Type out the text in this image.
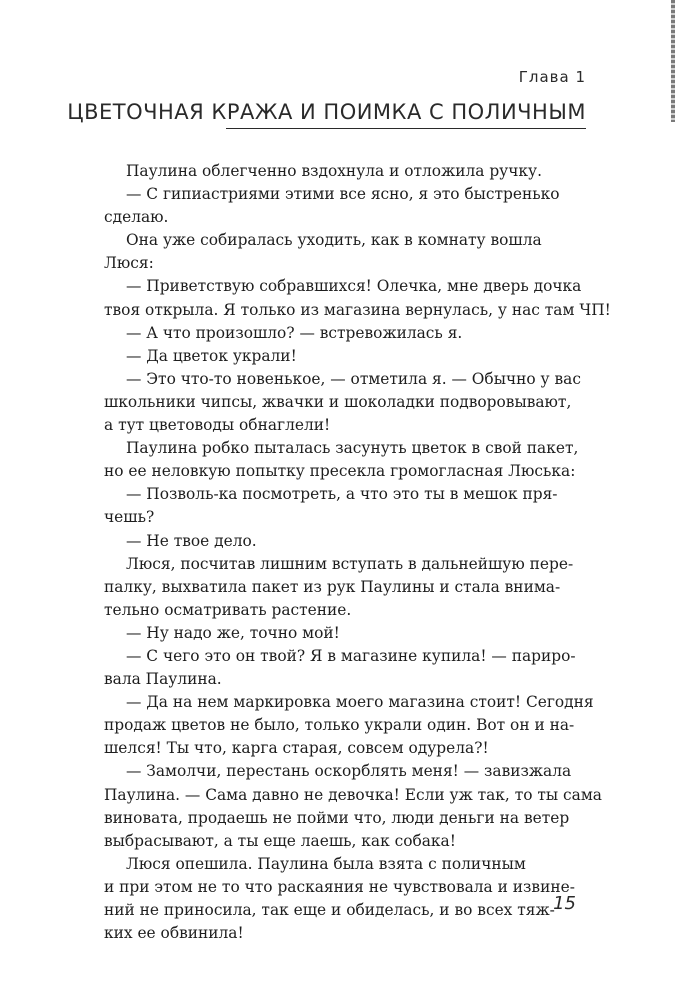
Глава 1
ЦВЕТОЧНАЯ КРАЖА И ПОИМКА С ПОЛИЧНЫМ
Паулина облегченно вздохнула и отложила ручку.
— С гипиастриями этими все ясно, я это быстренько
сделаю.
Она уже собиралась уходить, как в комнату вошла
Люся:
— Приветствую собравшихся! Олечка, мне дверь дочка
твоя открыла. Я только из магазина вернулась, у нас там ЧП!
— А что произошло? — встревожилась я.
— Да цветок украли!
— Это что-то новенькое, — отметила я. — Обычно у вас
школьники чипсы, жвачки и шоколадки подворовывают,
а тут цветоводы обнаглели!
Паулина робко пыталась засунуть цветок в свой пакет,
но ее неловкую попытку пресекла громогласная Люська:
— Позволь-ка посмотреть, а что это ты в мешок пря-
чешь?
— Не твое дело.
Люся, посчитав лишним вступать в дальнейшую пере-
палку, выхватила пакет из рук Паулины и стала внима-
тельно осматривать растение.
— Ну надо же, точно мой!
— С чего это он твой? Я в магазине купила! — париро-
вала Паулина.
— Да на нем маркировка моего магазина стоит! Сегодня
продаж цветов не было, только украли один. Вот он и на-
шелся! Ты что, карга старая, совсем одурела?!
— Замолчи, перестань оскорблять меня! — завизжала
Паулина. — Сама давно не девочка! Если уж так, то ты сама
виновата, продаешь не пойми что, люди деньги на ветер
выбрасывают, а ты еще лаешь, как собака!
Люся опешила. Паулина была взята с поличным
и при этом не то что раскаяния не чувствовала и извине-
ний не приносила, так еще и обиделась, и во всех тяж-
ких ее обвинила!
15
